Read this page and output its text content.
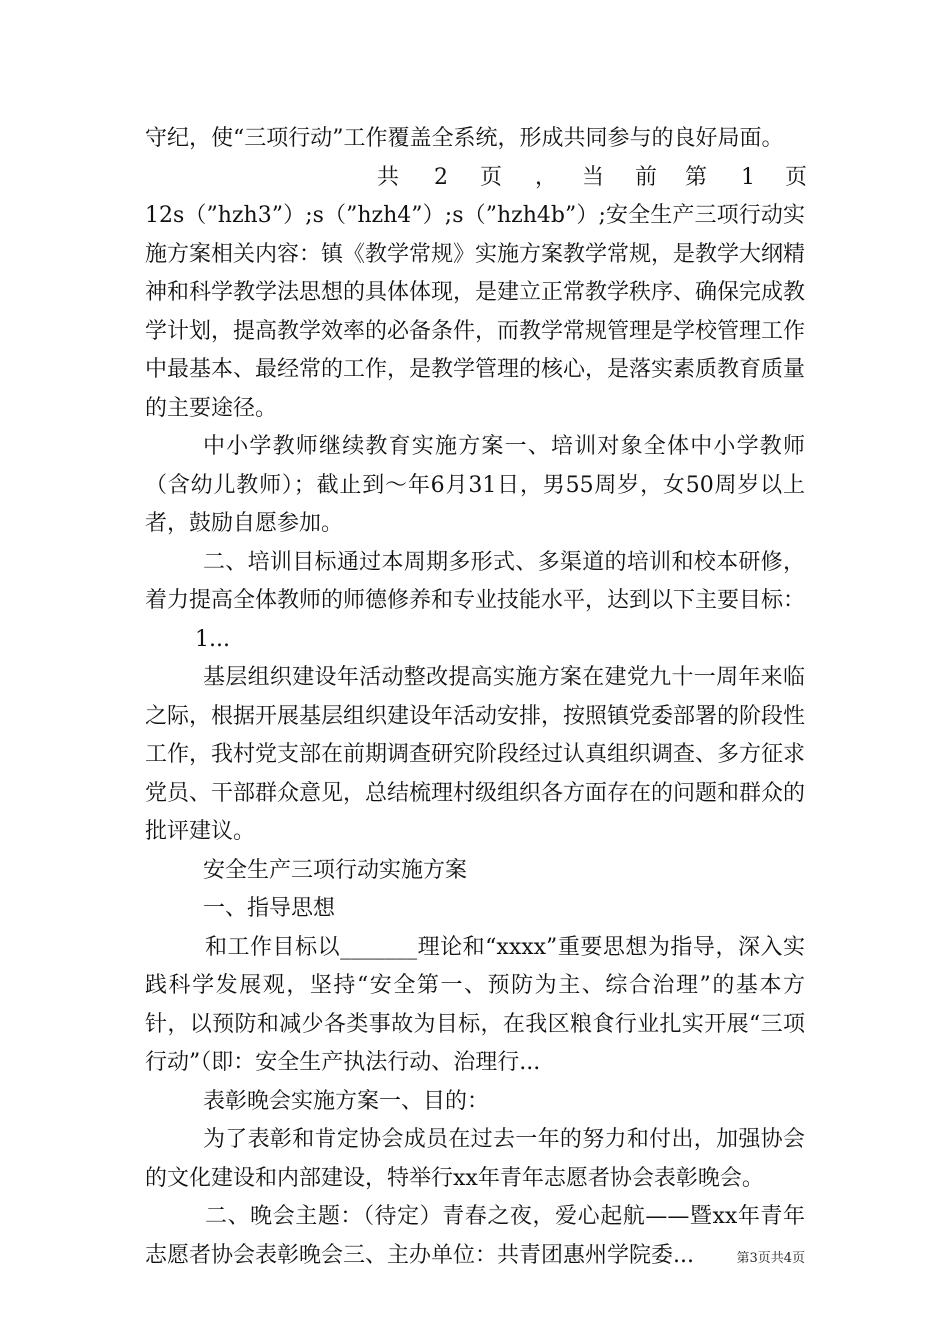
守纪，使“三项行动”工作覆盖全系统，形成共同参与的良好局面。

共 2 页 ， 当 前 第 1 页

12s（”hzh3”）;s（”hzh4”）;s（”hzh4b”）;安全生产三项行动实施方案相关内容：镇《教学常规》实施方案教学常规，是教学大纲精神和科学教学法思想的具体体现，是建立正常教学秩序、确保完成教学计划，提高教学效率的必备条件，而教学常规管理是学校管理工作中最基本、最经常的工作，是教学管理的核心，是落实素质教育质量的主要途径。

中小学教师继续教育实施方案一、培训对象全体中小学教师（含幼儿教师）；截止到～年6月31日，男55周岁，女50周岁以上者，鼓励自愿参加。

二、培训目标通过本周期多形式、多渠道的培训和校本研修，着力提高全体教师的师德修养和专业技能水平，达到以下主要目标：

1...

基层组织建设年活动整改提高实施方案在建党九十一周年来临之际，根据开展基层组织建设年活动安排，按照镇党委部署的阶段性工作，我村党支部在前期调查研究阶段经过认真组织调查、多方征求党员、干部群众意见，总结梳理村级组织各方面存在的问题和群众的批评建议。

安全生产三项行动实施方案

一、指导思想

和工作目标以_______理论和“xxxx”重要思想为指导，深入实践科学发展观，坚持“安全第一、预防为主、综合治理”的基本方针，以预防和减少各类事故为目标，在我区粮食行业扎实开展“三项行动”（即：安全生产执法行动、治理行...

表彰晚会实施方案一、目的：

为了表彰和肯定协会成员在过去一年的努力和付出，加强协会的文化建设和内部建设，特举行xx年青年志愿者协会表彰晚会。

二、晚会主题：（待定）青春之夜，爱心起航——暨xx年青年志愿者协会表彰晚会三、主办单位：共青团惠州学院委...	第3页共4页
